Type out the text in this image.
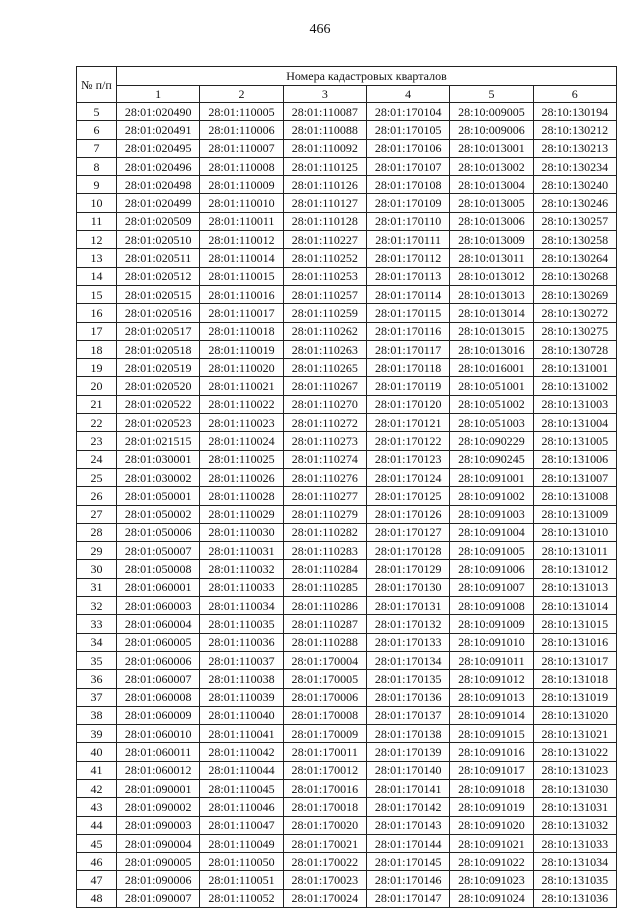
466
№ п/п	Номера кадастровых кварталов					
	1	2	3	4	5	6
5	28:01:020490	28:01:110005	28:01:110087	28:01:170104	28:10:009005	28:10:130194
6	28:01:020491	28:01:110006	28:01:110088	28:01:170105	28:10:009006	28:10:130212
7	28:01:020495	28:01:110007	28:01:110092	28:01:170106	28:10:013001	28:10:130213
8	28:01:020496	28:01:110008	28:01:110125	28:01:170107	28:10:013002	28:10:130234
9	28:01:020498	28:01:110009	28:01:110126	28:01:170108	28:10:013004	28:10:130240
10	28:01:020499	28:01:110010	28:01:110127	28:01:170109	28:10:013005	28:10:130246
11	28:01:020509	28:01:110011	28:01:110128	28:01:170110	28:10:013006	28:10:130257
12	28:01:020510	28:01:110012	28:01:110227	28:01:170111	28:10:013009	28:10:130258
13	28:01:020511	28:01:110014	28:01:110252	28:01:170112	28:10:013011	28:10:130264
14	28:01:020512	28:01:110015	28:01:110253	28:01:170113	28:10:013012	28:10:130268
15	28:01:020515	28:01:110016	28:01:110257	28:01:170114	28:10:013013	28:10:130269
16	28:01:020516	28:01:110017	28:01:110259	28:01:170115	28:10:013014	28:10:130272
17	28:01:020517	28:01:110018	28:01:110262	28:01:170116	28:10:013015	28:10:130275
18	28:01:020518	28:01:110019	28:01:110263	28:01:170117	28:10:013016	28:10:130728
19	28:01:020519	28:01:110020	28:01:110265	28:01:170118	28:10:016001	28:10:131001
20	28:01:020520	28:01:110021	28:01:110267	28:01:170119	28:10:051001	28:10:131002
21	28:01:020522	28:01:110022	28:01:110270	28:01:170120	28:10:051002	28:10:131003
22	28:01:020523	28:01:110023	28:01:110272	28:01:170121	28:10:051003	28:10:131004
23	28:01:021515	28:01:110024	28:01:110273	28:01:170122	28:10:090229	28:10:131005
24	28:01:030001	28:01:110025	28:01:110274	28:01:170123	28:10:090245	28:10:131006
25	28:01:030002	28:01:110026	28:01:110276	28:01:170124	28:10:091001	28:10:131007
26	28:01:050001	28:01:110028	28:01:110277	28:01:170125	28:10:091002	28:10:131008
27	28:01:050002	28:01:110029	28:01:110279	28:01:170126	28:10:091003	28:10:131009
28	28:01:050006	28:01:110030	28:01:110282	28:01:170127	28:10:091004	28:10:131010
29	28:01:050007	28:01:110031	28:01:110283	28:01:170128	28:10:091005	28:10:131011
30	28:01:050008	28:01:110032	28:01:110284	28:01:170129	28:10:091006	28:10:131012
31	28:01:060001	28:01:110033	28:01:110285	28:01:170130	28:10:091007	28:10:131013
32	28:01:060003	28:01:110034	28:01:110286	28:01:170131	28:10:091008	28:10:131014
33	28:01:060004	28:01:110035	28:01:110287	28:01:170132	28:10:091009	28:10:131015
34	28:01:060005	28:01:110036	28:01:110288	28:01:170133	28:10:091010	28:10:131016
35	28:01:060006	28:01:110037	28:01:170004	28:01:170134	28:10:091011	28:10:131017
36	28:01:060007	28:01:110038	28:01:170005	28:01:170135	28:10:091012	28:10:131018
37	28:01:060008	28:01:110039	28:01:170006	28:01:170136	28:10:091013	28:10:131019
38	28:01:060009	28:01:110040	28:01:170008	28:01:170137	28:10:091014	28:10:131020
39	28:01:060010	28:01:110041	28:01:170009	28:01:170138	28:10:091015	28:10:131021
40	28:01:060011	28:01:110042	28:01:170011	28:01:170139	28:10:091016	28:10:131022
41	28:01:060012	28:01:110044	28:01:170012	28:01:170140	28:10:091017	28:10:131023
42	28:01:090001	28:01:110045	28:01:170016	28:01:170141	28:10:091018	28:10:131030
43	28:01:090002	28:01:110046	28:01:170018	28:01:170142	28:10:091019	28:10:131031
44	28:01:090003	28:01:110047	28:01:170020	28:01:170143	28:10:091020	28:10:131032
45	28:01:090004	28:01:110049	28:01:170021	28:01:170144	28:10:091021	28:10:131033
46	28:01:090005	28:01:110050	28:01:170022	28:01:170145	28:10:091022	28:10:131034
47	28:01:090006	28:01:110051	28:01:170023	28:01:170146	28:10:091023	28:10:131035
48	28:01:090007	28:01:110052	28:01:170024	28:01:170147	28:10:091024	28:10:131036
